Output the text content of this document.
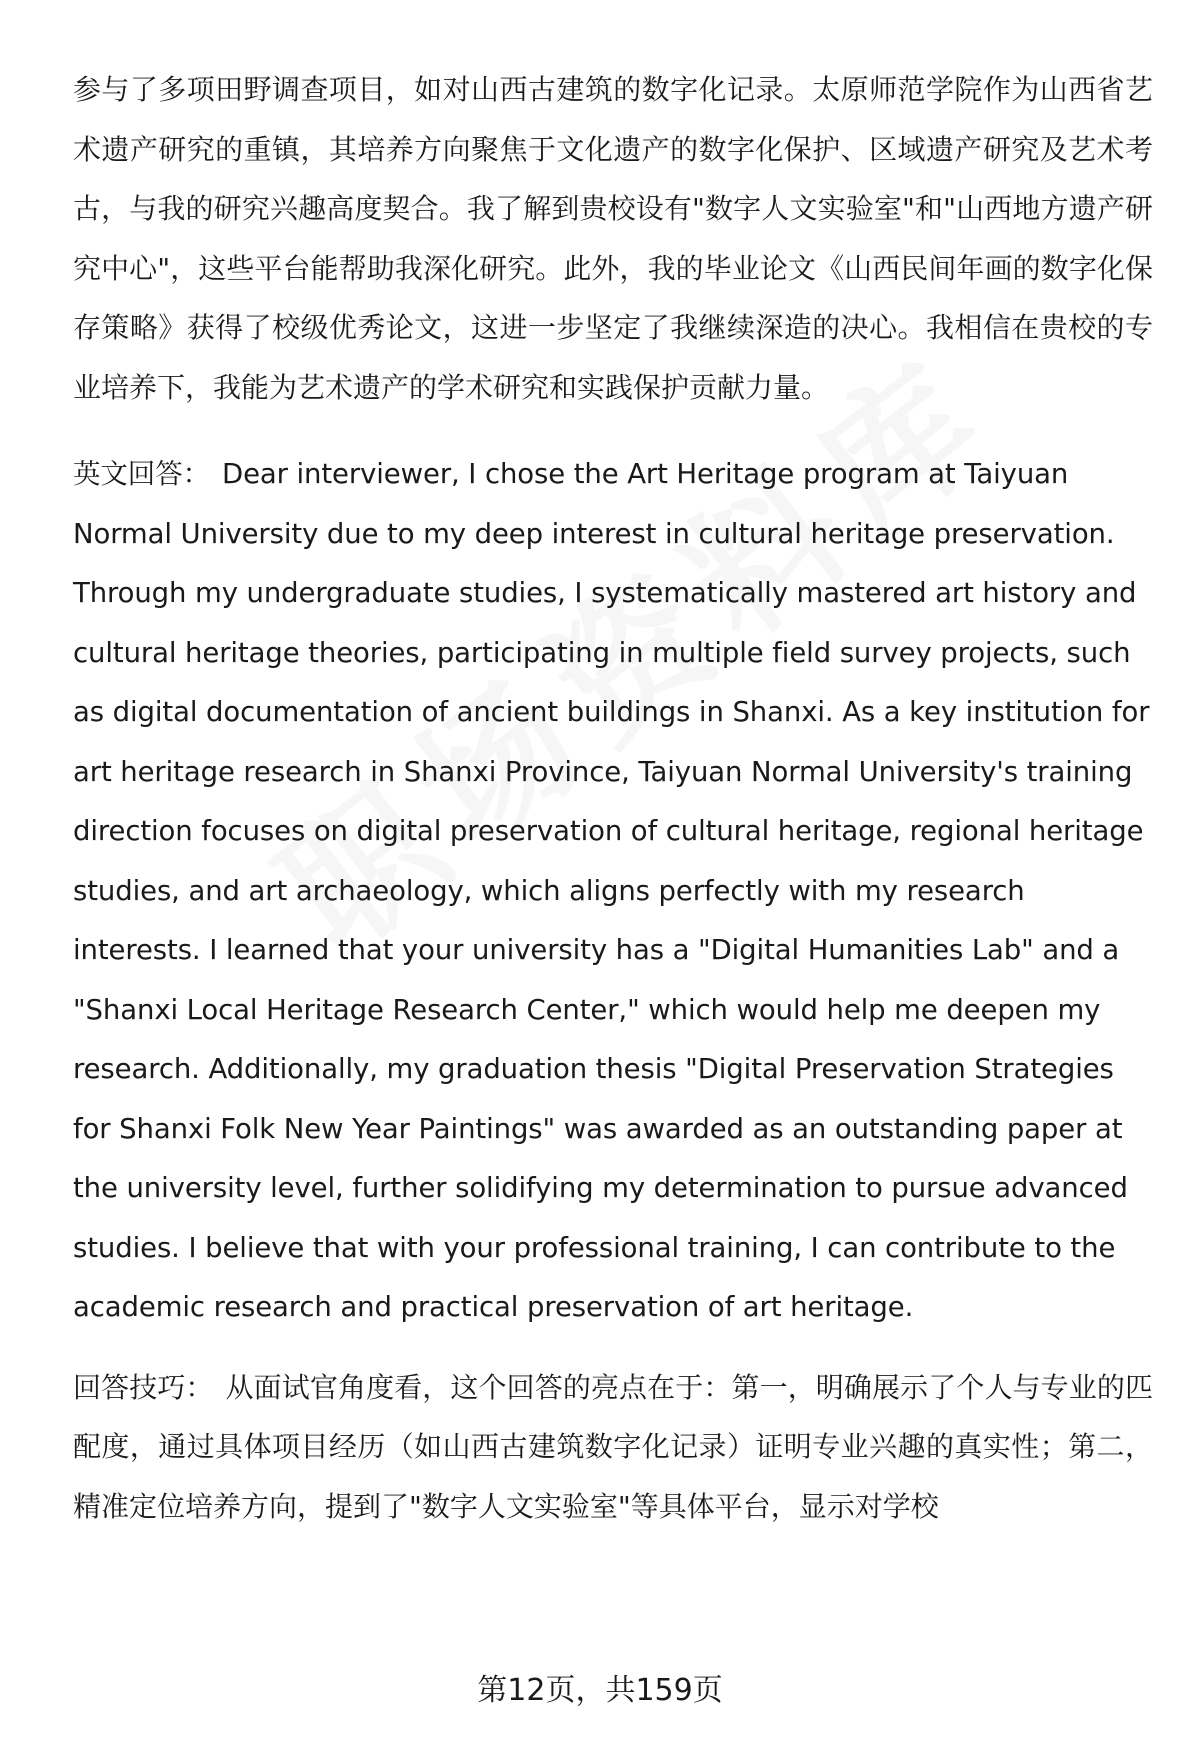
参与了多项田野调查项目，如对山西古建筑的数字化记录。太原师范学院作为山西省艺术遗产研究的重镇，其培养方向聚焦于文化遗产的数字化保护、区域遗产研究及艺术考古，与我的研究兴趣高度契合。我了解到贵校设有"数字人文实验室"和"山西地方遗产研究中心"，这些平台能帮助我深化研究。此外，我的毕业论文《山西民间年画的数字化保存策略》获得了校级优秀论文，这进一步坚定了我继续深造的决心。我相信在贵校的专业培养下，我能为艺术遗产的学术研究和实践保护贡献力量。

英文回答： Dear interviewer, I chose the Art Heritage program at Taiyuan Normal University due to my deep interest in cultural heritage preservation. Through my undergraduate studies, I systematically mastered art history and cultural heritage theories, participating in multiple field survey projects, such as digital documentation of ancient buildings in Shanxi. As a key institution for art heritage research in Shanxi Province, Taiyuan Normal University's training direction focuses on digital preservation of cultural heritage, regional heritage studies, and art archaeology, which aligns perfectly with my research interests. I learned that your university has a "Digital Humanities Lab" and a "Shanxi Local Heritage Research Center," which would help me deepen my research. Additionally, my graduation thesis "Digital Preservation Strategies for Shanxi Folk New Year Paintings" was awarded as an outstanding paper at the university level, further solidifying my determination to pursue advanced studies. I believe that with your professional training, I can contribute to the academic research and practical preservation of art heritage.

回答技巧： 从面试官角度看，这个回答的亮点在于：第一，明确展示了个人与专业的匹配度，通过具体项目经历（如山西古建筑数字化记录）证明专业兴趣的真实性；第二，精准定位培养方向，提到了"数字人文实验室"等具体平台，显示对学校

第12页，共159页
